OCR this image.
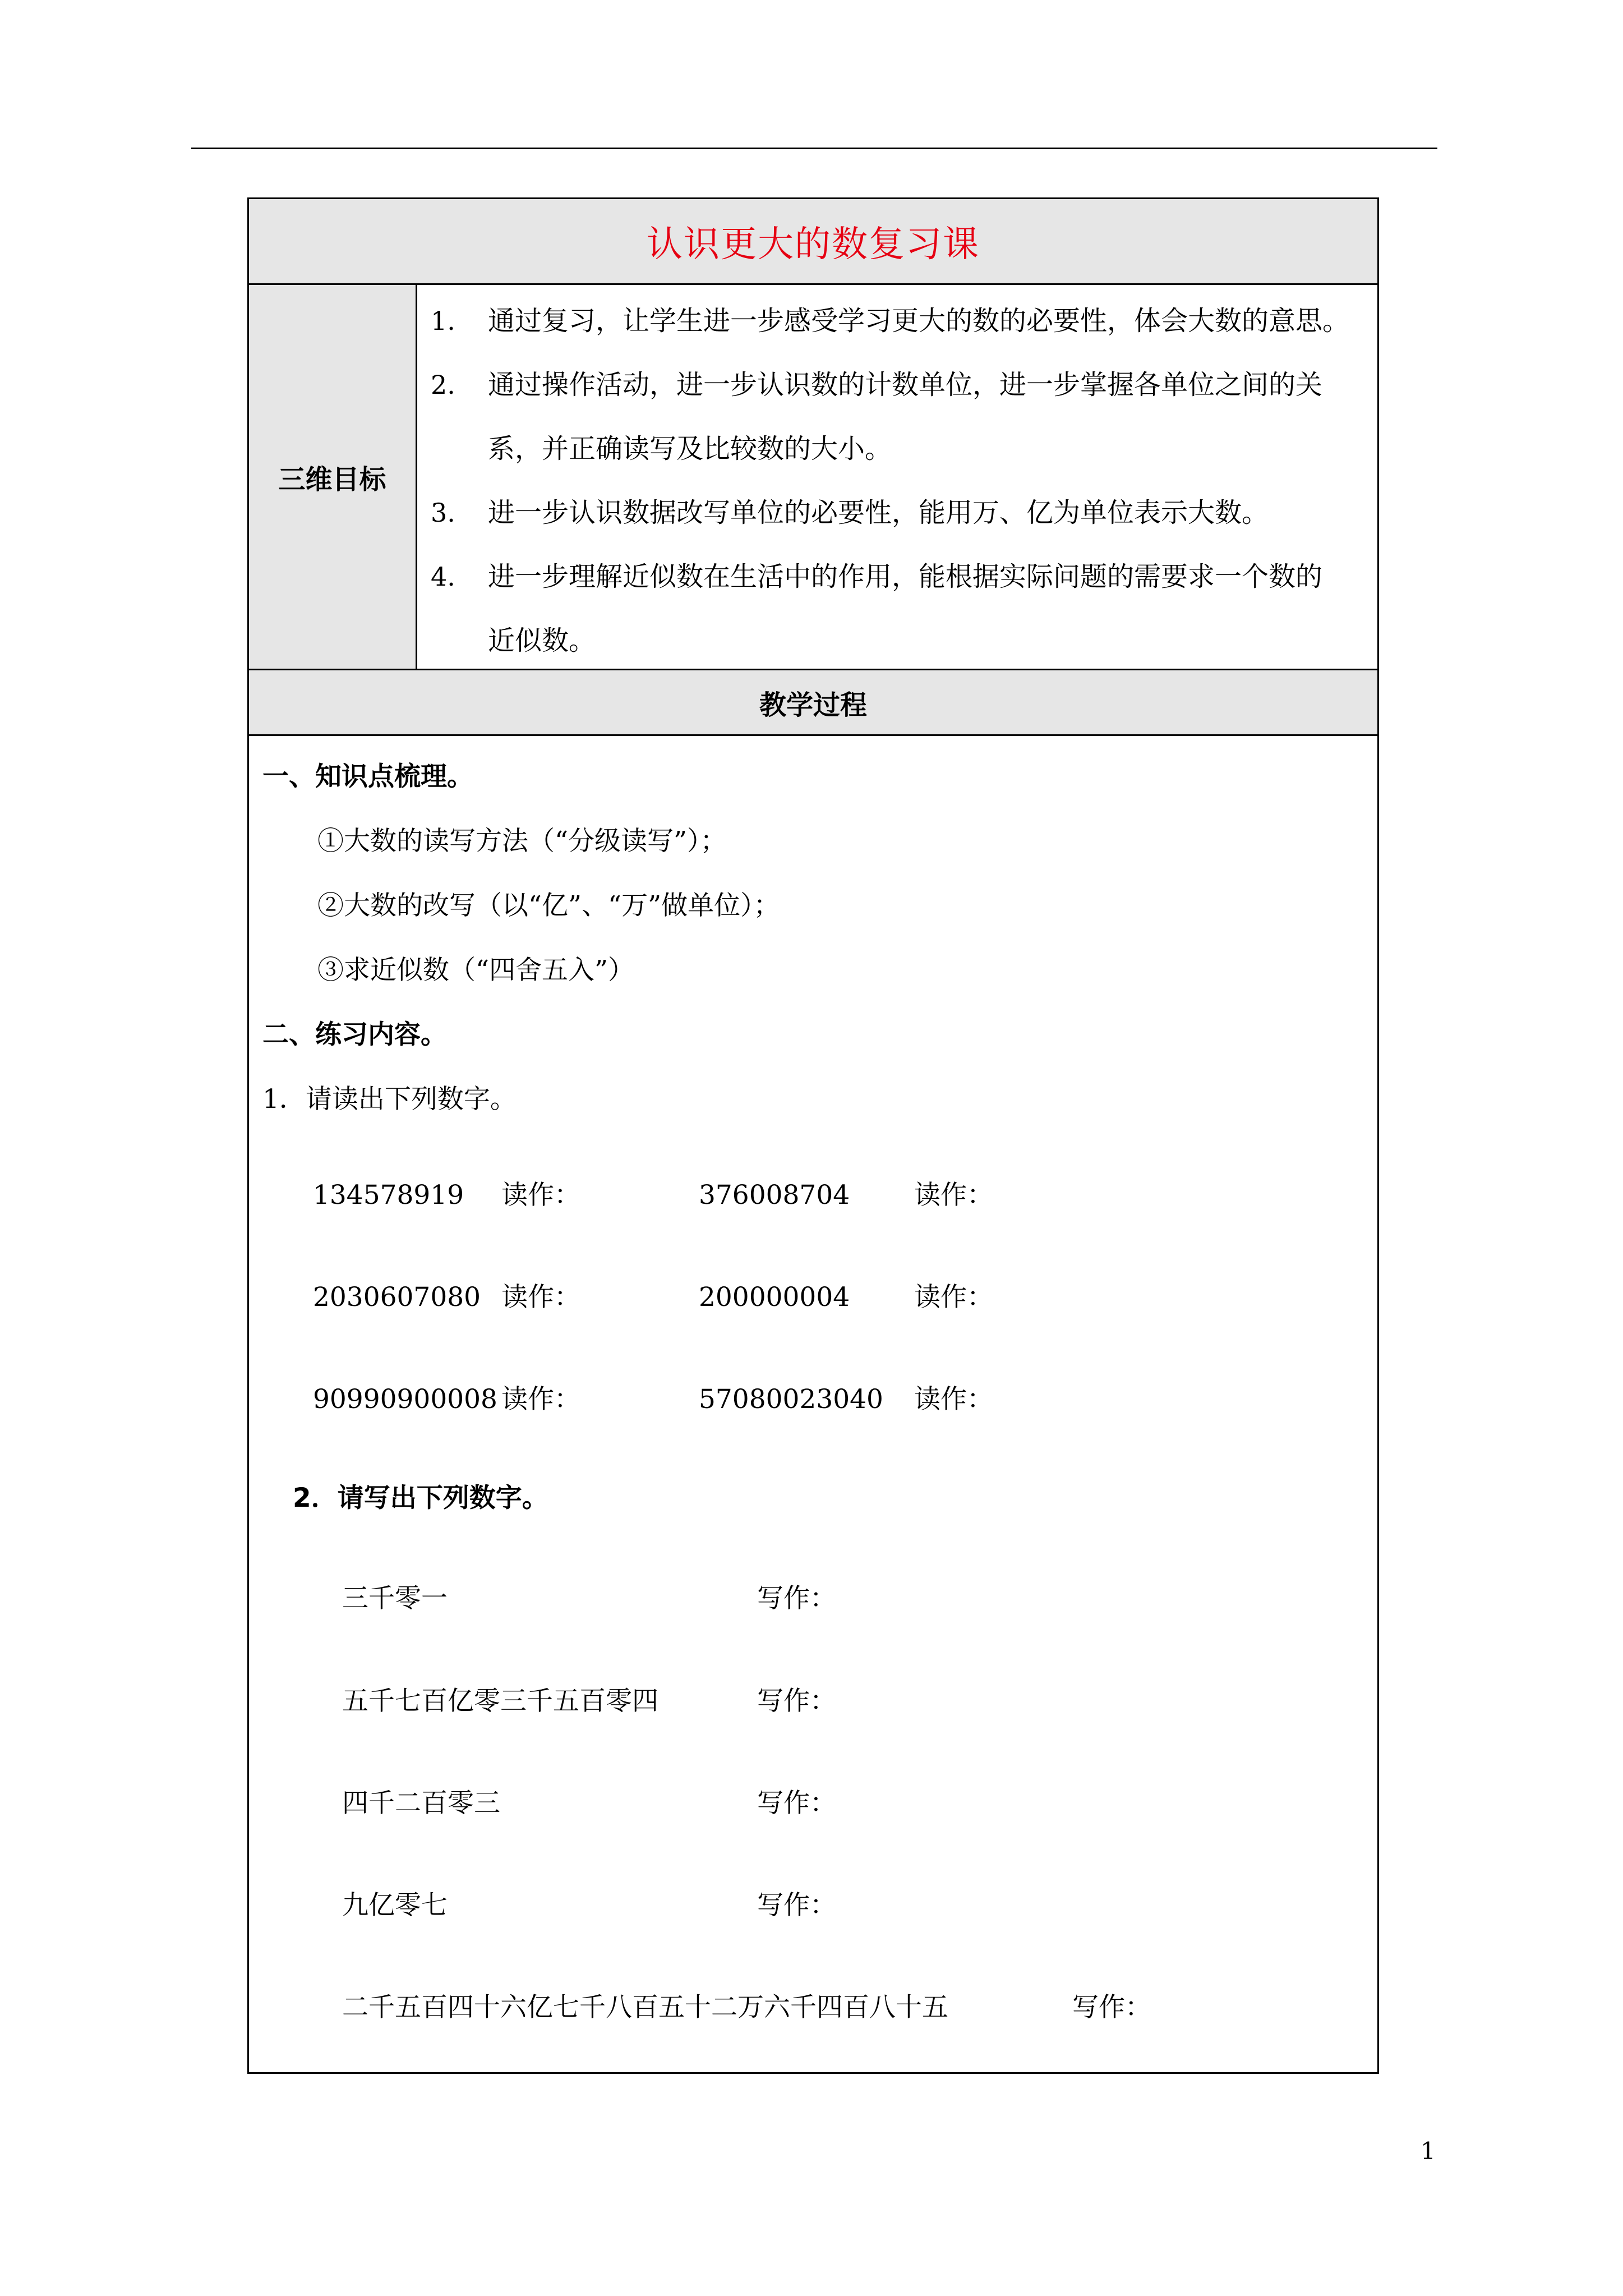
认识更大的数复习课
三维目标
1. 通过复习，让学生进一步感受学习更大的数的必要性，体会大数的意思。
2. 通过操作活动，进一步认识数的计数单位，进一步掌握各单位之间的关
系，并正确读写及比较数的大小。
3. 进一步认识数据改写单位的必要性，能用万、亿为单位表示大数。
4. 进一步理解近似数在生活中的作用，能根据实际问题的需要求一个数的
近似数。
教学过程
一、知识点梳理。
①大数的读写方法（“分级读写”）；
②大数的改写（以“亿”、“万”做单位）；
③求近似数（“四舍五入”）
二、练习内容。
1．请读出下列数字。
134578919 读作：	376008704 读作：
2030607080 读作：	200000004 读作：
90990900008 读作：	57080023040 读作：
2．请写出下列数字。
三千零一	写作：
五千七百亿零三千五百零四	写作：
四千二百零三	写作：
九亿零七	写作：
二千五百四十六亿七千八百五十二万六千四百八十五	写作：
1
